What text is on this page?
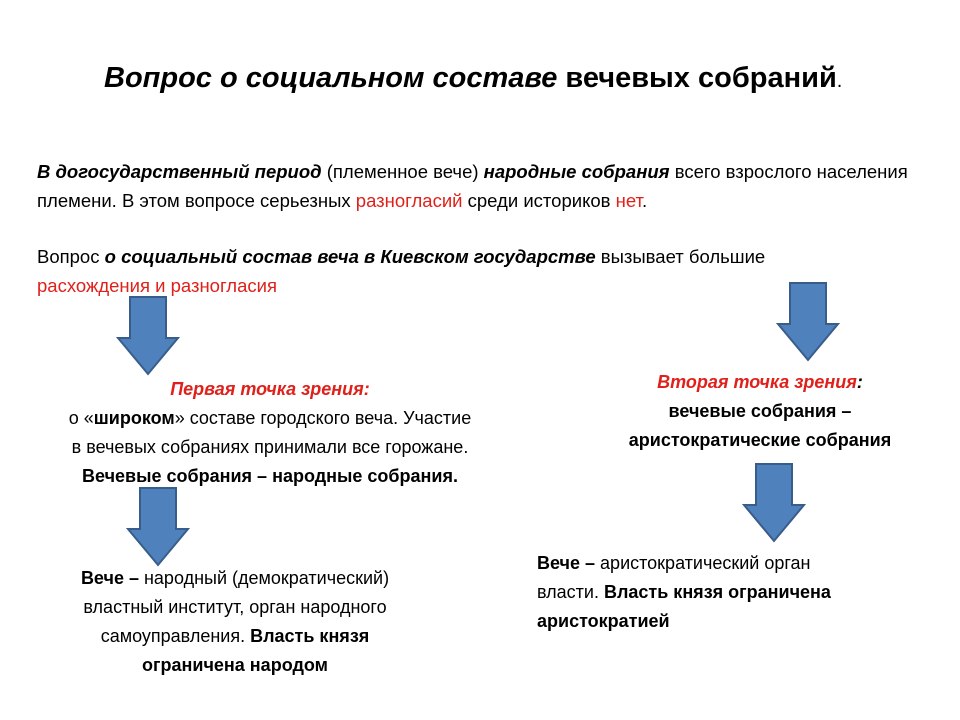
Вопрос о социальном составе вечевых собраний.

В догосударственный период (племенное вече) народные собрания всего взрослого населения племени. В этом вопросе серьезных разногласий среди историков нет.

Вопрос о социальный состав веча в Киевском государстве вызывает большие
расхождения и разногласия

Первая точка зрения:
о «широком» составе городского веча. Участие
в вечевых собраниях принимали все горожане.
Вечевые собрания – народные собрания.
Вторая точка зрения:
вечевые собрания –
аристократические собрания
Вече – народный (демократический)
властный институт, орган народного
самоуправления. Власть князя
ограничена народом
Вече – аристократический орган
власти. Власть князя ограничена
аристократией
